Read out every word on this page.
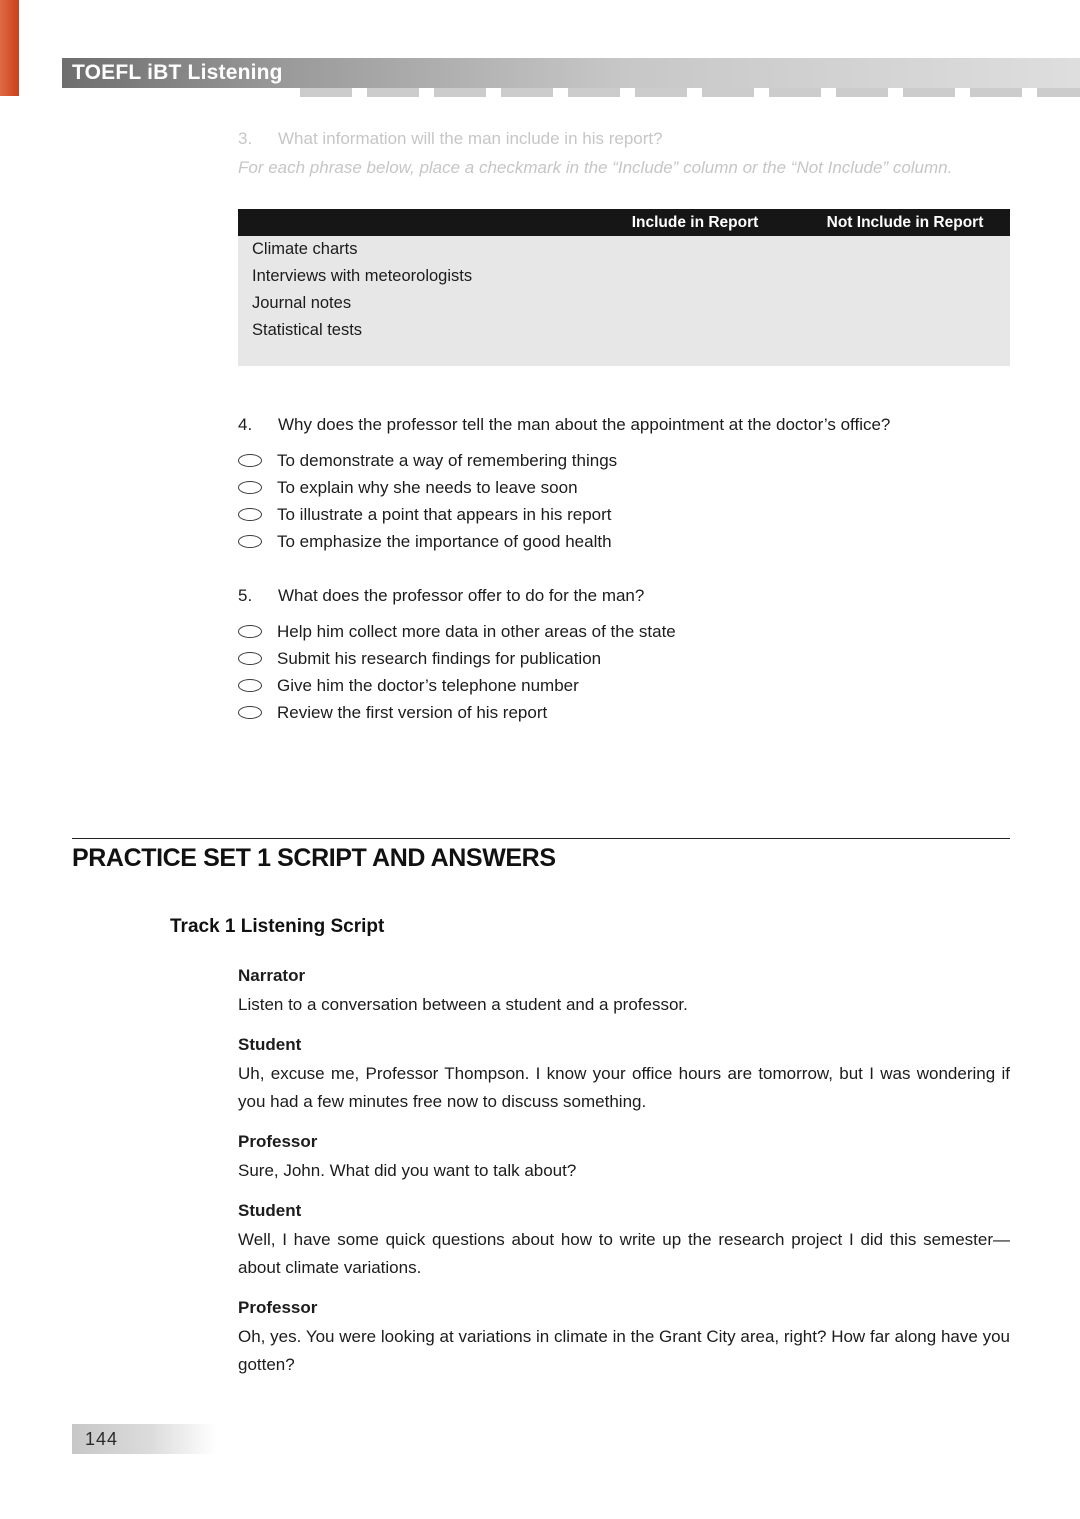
TOEFL iBT Listening
3.	What information will the man include in his report?
For each phrase below, place a checkmark in the “Include” column or the “Not Include” column.
Include in Report	Not Include in Report
Climate charts
Interviews with meteorologists
Journal notes
Statistical tests
4.	Why does the professor tell the man about the appointment at the doctor’s office?
To demonstrate a way of remembering things
To explain why she needs to leave soon
To illustrate a point that appears in his report
To emphasize the importance of good health
5.	What does the professor offer to do for the man?
Help him collect more data in other areas of the state
Submit his research findings for publication
Give him the doctor’s telephone number
Review the first version of his report
PRACTICE SET 1 SCRIPT AND ANSWERS
Track 1 Listening Script
Narrator
Listen to a conversation between a student and a professor.
Student
Uh, excuse me, Professor Thompson. I know your office hours are tomorrow, but I was wondering if you had a few minutes free now to discuss something.
Professor
Sure, John. What did you want to talk about?
Student
Well, I have some quick questions about how to write up the research project I did this semester—about climate variations.
Professor
Oh, yes. You were looking at variations in climate in the Grant City area, right? How far along have you gotten?
144
